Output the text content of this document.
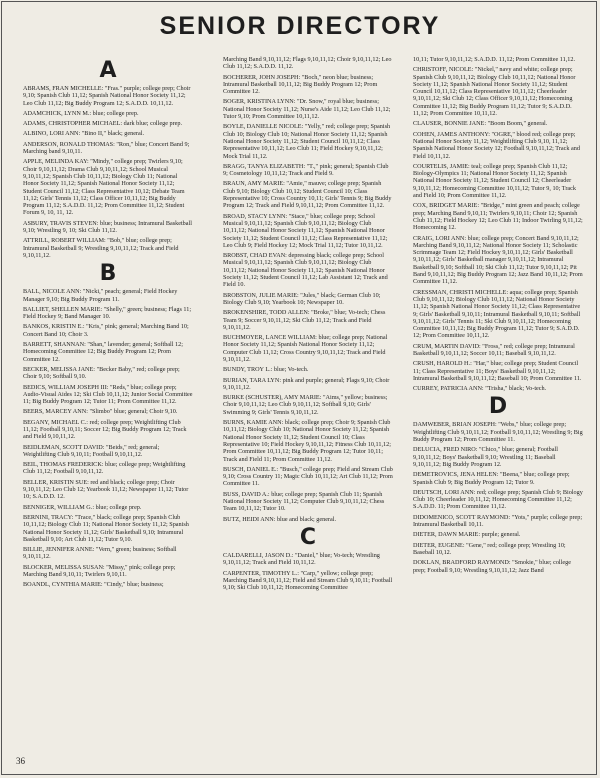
SENIOR DIRECTORY
A
ABRAMS, FRAN MICHELLE: "Fras." purple; college prep; Choir 9,10; Spanish Club 11,12; Spanish National Honor Society 11,12; Leo Club 11,12; Big Buddy Program 12; S.A.D.D. 10,11,12.
ADAMCHICK, LYNN M.: blue; college prep.
ADAMS, CHRISTOPHER MICHAEL: dark blue; college prep.
ALBINO, LORI ANN: "Bino II," black; general.
ANDERSON, RONALD THOMAS: "Ron," blue; Concert Band 9; Marching band 9,10,11.
APPLE, MELINDA KAY: "Mindy," college prep; Twirlers 9,10; Choir 9,10,11,12; Drama Club 9,10,11,12; School Musical 9,10,11,12; Spanish Club 10,11,12; Biology Club 11; National Honor Society 11,12; Spanish National Honor Society 11,12; Student Council 11,12; Class Representative 10,12; Debate Team 11,12; Girls' Tennis 11,12; Class Officer 10,11,12; Big Buddy Program 11,12; S.A.D.D. 11,12; Prom Committee 11,12; Student Forum 9, 10, 11, 12.
ASBURY, TRAVIS STEVEN: blue; business; Intramural Basketball 9,10; Wrestling 9, 10; Ski Club 11,12.
ATTRILL, ROBERT WILLIAM: "Bob," blue; college prep; Intramural Basketball 9; Wrestling 9,10,11,12; Track and Field 9,10,11,12.
B
BALL, NICOLE ANN: "Nicki," peach; general; Field Hockey Manager 9,10; Big Buddy Program 11.
BALLIET, SHELLEN MARIE: "Shelly," green; business; Flags 11; Field Hockey 9; Band Manager 10.
BANKOS, KRISTIN E.: "Kris," pink; general; Marching Band 10; Concert Band 10; Choir 3.
BARRETT, SHANNAN: "Shan," lavender; general; Softball 12; Homecoming Committee 12; Big Buddy Program 12; Prom Committee 12.
BECKER, MELISSA JANE: "Becker Baby," red; college prep; Choir 9,10; Softball 9,10.
BEDICS, WILLIAM JOSEPH III: "Reds," blue; college prep; Audio-Visual Aides 12; Ski Club 10,11,12; Junior Social Committee 11; Big Buddy Program 12; Tutor 11; Prom Committee 11,12.
BEERS, MARCEY ANN: "Slimbo" blue; general; Choir 9,10.
BEGANY, MICHAEL C.: red; college prep; Weightlifting Club 11,12; Football 9,10,11; Soccer 12; Big Buddy Program 12; Track and Field 9,10,11,12.
BEIDLEMAN, SCOTT DAVID: "Beids," red; general; Weightlifting Club 9,10,11; Football 9,10,11,12.
BEIL, THOMAS FREDERICK: blue; college prep; Weightlifting Club 11,12; Football 9,10,11,12.
BELLER, KRISTIN SUE: red and black; college prep; Choir 9,10,11,12; Leo Club 12; Yearbook 11,12; Newspaper 11,12; Tutor 10; S.A.D.D. 12.
BENNIGER, WILLIAM G.: blue; college prep.
BERNINI, TRACY: "Trace," black; college prep; Spanish Club 10,11,12; Biology Club 11; National Honor Society 11,12; Spanish National Honor Society 11,12; Girls' Basketball 9,10; Intramural Basketball 9,10; Art Club 11,12; Tutor 9,10.
BILLIE, JENNIFER ANNE: "Vern," green; business; Softball 9,10,11,12.
BLOCKER, MELISSA SUSAN: "Missy," pink; college prep; Marching Band 9,10,11; Twirlers 9,10,11.
BOANDL, CYNTHIA MARIE: "Cindy," blue; business;
Marching Band 9,10,11,12; Flags 9,10,11,12; Choir 9,10,11,12; Leo Club 11,12; S.A.D.D. 11,12.
BOCHERER, JOHN JOSEPH: "Boch," neon blue; business; Intramural Basketball 10,11,12; Big Buddy Program 12; Prom Committee 12.
BOGER, KRISTINA LYNN: "Dr. Snow," royal blue; business; National Honor Society 11,12; Nurse's Aide 11,12; Leo Club 11,12; Tutor 9,10; Prom Committee 10,11,12.
BOYLE, DANIELLE NICOLE: "Yelly," red; college prep; Spanish Club 10; Biology Club 10; National Honor Society 11,12; Spanish National Honor Society 11,12; Student Council 10,11,12; Class Representative 10,11,12; Leo Club 11; Field Hockey 9,10,11,12; Mock Trial 11,12.
BRAGG, TANYA ELIZABETH: "T.," pink; general; Spanish Club 9; Cosmetology 10,11,12; Track and Field 9.
BRAUN, AMY MARIE: "Amie," mauve; college prep; Spanish Club 9,10; Biology Club 10,12; Student Council 10; Class Representative 10; Cross Country 10,11; Girls' Tennis 9; Big Buddy Program 12; Track and Field 9,10,11,12; Prom Committee 11,12.
BROAD, STACY LYNN: "Stace," blue; college prep; School Musical 9,10,11,12; Spanish Club 9,10,11,12; Biology Club 10,11,12; National Honor Society 11,12; Spanish National Honor Society 11,12; Student Council 11,12; Class Representative 11,12; Leo Club 9; Field Hockey 12; Mock Trial 11,12; Tutor 10,11,12.
BROBST, CHAD EVAN: depressing black; college prep; School Musical 9,10,11,12; Spanish Club 9,10,11,12; Biology Club 10,11,12; National Honor Society 11,12; Spanish National Honor Society 11,12; Student Council 11,12; Lab Assistant 12; Track and Field 10.
BROBSTON, JULIE MARIE: "Jules," black; German Club 10; Biology Club 9,10; Yearbook 10; Newspaper 10.
BROKENSHIRE, TODD ALLEN: "Broke," blue; Vo-tech; Chess Team 9; Soccer 9,10,11,12; Ski Club 11,12; Track and Field 9,10,11,12.
BUCHMOYER, LANCE WILLIAM: blue; college prep; National Honor Society 11,12; Spanish National Honor Society 11,12; Computer Club 11,12; Cross Country 9,10,11,12; Track and Field 9,10,11,12.
BUNDY, TROY L.: blue; Vo-tech.
BURIAN, TARA LYN: pink and purple; general; Flags 9,10; Choir 9,10,11,12.
BURKE (SCHUSTER), AMY MARIE: "Aims," yellow; business; Choir 9,10,11,12; Leo Club 9,10,11,12; Softball 9,10; Girls' Swimming 9; Girls' Tennis 9,10,11,12.
BURNS, KAMIE ANN: black; college prep; Choir 9; Spanish Club 10,11,12; Biology Club 10; National Honor Society 11,12; Spanish National Honor Society 11,12; Student Council 10; Class Representative 10; Field Hockey 9,10,11,12; Fitness Club 10,11,12; Prom Committee 10,11,12; Big Buddy Program 12; Tutor 10,11; Track and Field 11; Prom Committee 11,12.
BUSCH, DANIEL E.: "Busch," college prep; Field and Stream Club 9,10; Cross Country 11; Magic Club 10,11,12; Art Club 11,12; Prom Committee 11.
BUSS, DAVID A.: blue; college prep; Spanish Club 11; Spanish National Honor Society 11,12; Computer Club 9,10,11,12; Chess Team 10,11,12; Tutor 10.
BUTZ, HEIDI ANN: blue and black; general.
C
CALDARELLI, JASON D.: "Daniel," blue; Vo-tech; Wrestling 9,10,11,12; Track and Field 10,11,12.
CARPENTER, TIMOTHY L.: "Carp," yellow; college prep; Marching Band 9,10,11,12; Field and Stream Club 9,10,11; Football 9,10; Ski Club 10,11,12; Homecoming Committee
10,11; Tutor 9,10,11,12; S.A.D.D. 11,12; Prom Committee 11,12.
CHRISTOFF, NICOLE: "Nickel," navy and white; college prep; Spanish Club 9,10,11,12; Biology Club 10,11,12; National Honor Society 11,12; Spanish National Honor Society 11,12; Student Council 10,11,12; Class Representative 10,11,12; Cheerleader 9,10,11,12; Ski Club 12; Class Officer 9,10,11,12; Homecoming Committee 11,12; Big Buddy Program 11,12; Tutor 9; S.A.D.D. 11,12; Prom Committee 10,11,12.
CLAUSER, BONNIE JANE: "Boom Boom," general.
COHEN, JAMES ANTHONY: "OGRE," blood red; college prep; National Honor Society 11,12; Weightlifting Club 9,10, 11,12; Spanish National Honor Society 12; Football 9,10,11,12; Track and Field 10,11,12.
COURTELIS, JAMIE: teal; college prep; Spanish Club 11,12; Biology-Olympics 11; National Honor Society 11,12; Spanish National Honor Society 11,12; Student Council 12; Cheerleader 9,10,11,12; Homecoming Committee 10,11,12; Tutor 9, 10; Track and Field 10; Prom Committee 11,12.
COX, BRIDGET MARIE: "Bridge," mint green and peach; college prep; Marching Band 9,10,11; Twirlers 9,10,11; Choir 12; Spanish Club 11,12; Field Hockey 12; Leo Club 11; Indoor Twirling 9,11,12; Homecoming 12.
CRAIG, LORI ANN: blue; college prep; Concert Band 9,10,11,12; Marching Band 9,10,11,12; National Honor Society 11; Scholastic Scrimmage Team 12; Field Hockey 9,10,11,12; Girls' Basketball 9,10,11,12; Girls' Basketball manager 9,10,11,12; Intramural Basketball 9,10; Softball 10; Ski Club 11,12; Tutor 9,10,11,12; Pit Band 9,10,11,12; Big Buddy Program 12; Jazz Band 10,11,12; Prom Committee 11,12.
CRESSMAN, CHRISTI MICHELLE: aqua; college prep; Spanish Club 9,10,11,12; Biology Club 10,11,12; National Honor Society 11,12; Spanish National Honor Society 11,12; Class Representative 9; Girls' Basketball 9,10,11; Intramural Basketball 9,10,11; Softball 9,10,11,12; Girls' Tennis 11; Ski Club 9,10,11,12; Homecoming Committee 10,11,12; Big Buddy Program 11,12; Tutor 9; S.A.D.D. 12; Prom Committee 10,11,12.
CRUM, MARTIN DAVID: "Fross," red; college prep; Intramural Basketball 9,10,11,12; Soccer 10,11; Baseball 9,10,11,12.
CRUSH, HAROLD H.: "Har," blue; college prep; Student Council 11; Class Representative 11; Boys' Basketball 9,10,11,12; Intramural Basketball 9,10,11,12; Baseball 10; Prom Committee 11.
CURREY, PATRICIA ANN: "Trisha," black; Vo-tech.
D
DAMWEBER, BRIAN JOSEPH: "Webs," blue; college prep; Weightlifting Club 9,10,11,12; Football 9,10,11,12; Wrestling 9; Big Buddy Program 12; Prom Committee 11.
DELUCIA, FRED NIRO: "Chico," blue; general; Football 9,10,11,12; Boys' Basketball 9,10; Wrestling 11; Baseball 9,10,11,12; Big Buddy Program 12.
DEMETROVICS, JENA HELEN: "Beena," blue; college prep; Spanish Club 9; Big Buddy Program 12; Tutor 9.
DEUTSCH, LORI ANN: red; college prep; Spanish Club 9; Biology Club 10; Cheerleader 10,11,12; Homecoming Committee 11,12; S.A.D.D. 11; Prom Committee 11,12.
DIDOMENICO, SCOTT RAYMOND: "Yots," purple; college prep; Intramural Basketball 10,11.
DIETER, DAWN MARIE: purple; general.
DIETER, EUGENE: "Gene," red; college prep; Wrestling 10; Baseball 10,12.
DOKLAN, BRADFORD RAYMOND: "Smokie," blue; college prep; Football 9,10; Wrestling 9,10,11,12; Jazz Band
36
